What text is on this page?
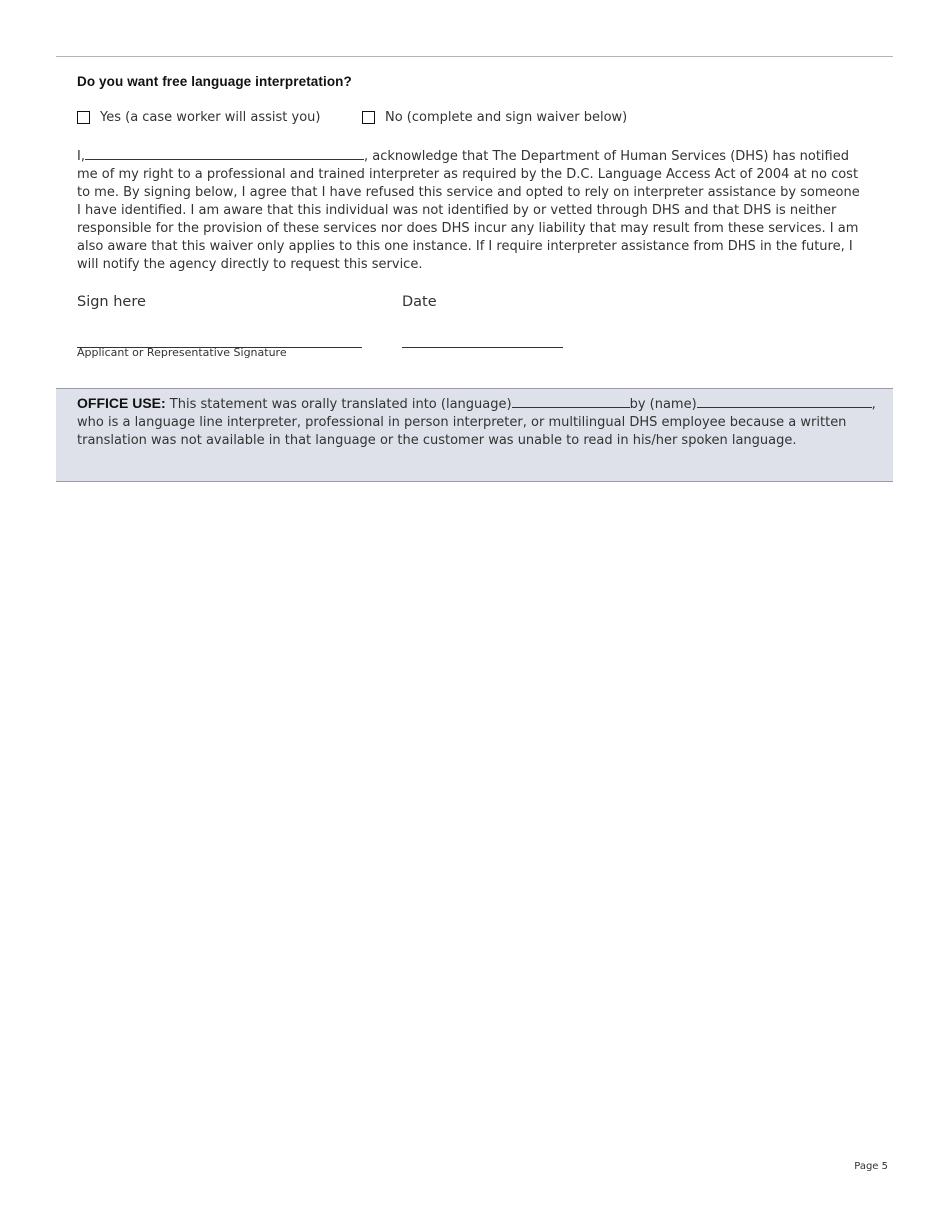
Do you want free language interpretation?
Yes (a case worker will assist you)	No (complete and sign waiver below)
I,	, acknowledge that The Department of Human Services (DHS) has notified me of my right to a professional and trained interpreter as required by the D.C. Language Access Act of 2004 at no cost to me. By signing below, I agree that I have refused this service and opted to rely on interpreter assistance by someone I have identified. I am aware that this individual was not identified by or vetted through DHS and that DHS is neither responsible for the provision of these services nor does DHS incur any liability that may result from these services. I am also aware that this waiver only applies to this one instance. If I require interpreter assistance from DHS in the future, I will notify the agency directly to request this service.
Sign here	Date
Applicant or Representative Signature
OFFICE USE: This statement was orally translated into (language)	by (name)	, who is a language line interpreter, professional in person interpreter, or multilingual DHS employee because a written translation was not available in that language or the customer was unable to read in his/her spoken language.
Page 5
